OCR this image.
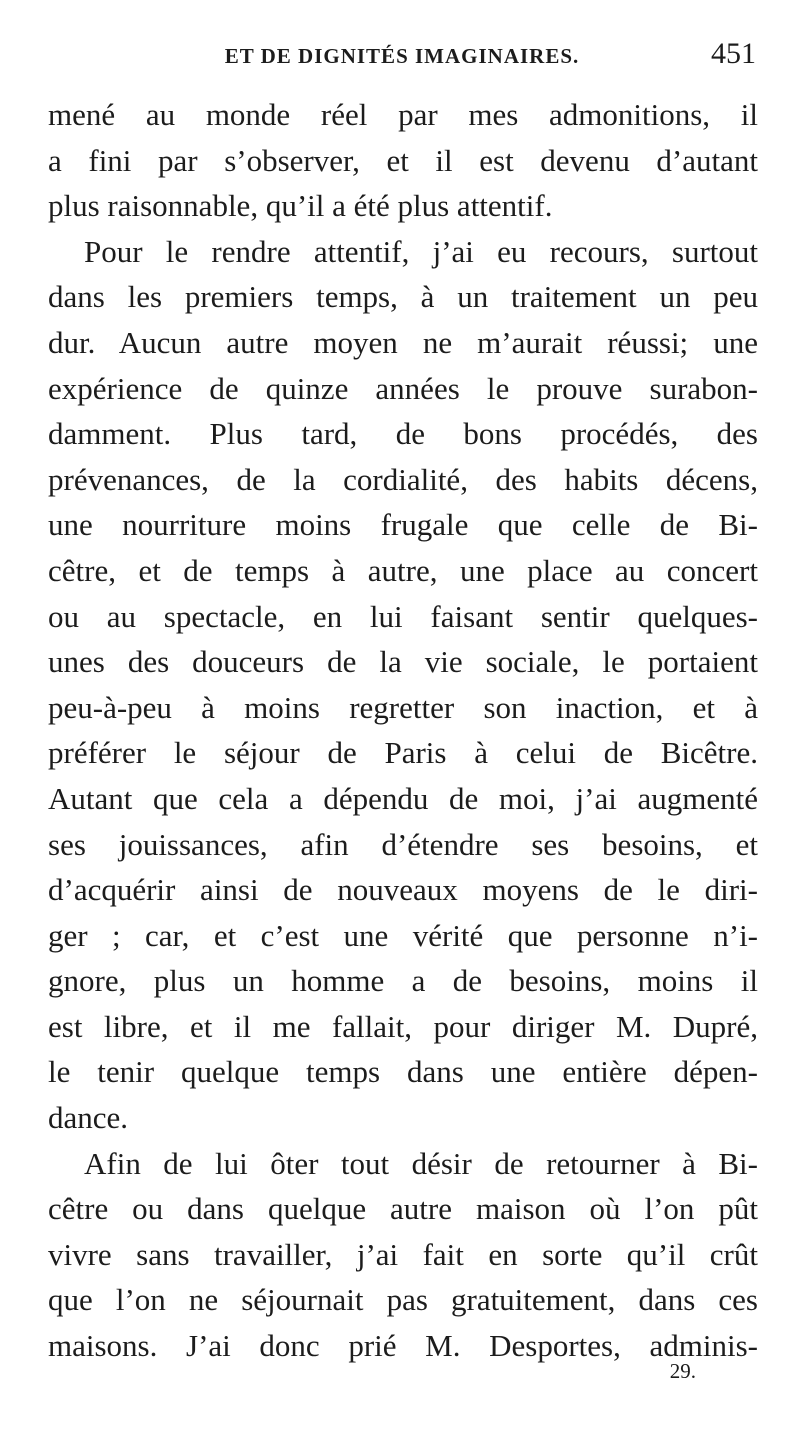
ET DE DIGNITÉS IMAGINAIRES.	451
mené au monde réel par mes admonitions, il
a fini par s’observer, et il est devenu d’autant
plus raisonnable, qu’il a été plus attentif.
Pour le rendre attentif, j’ai eu recours, surtout
dans les premiers temps, à un traitement un peu
dur. Aucun autre moyen ne m’aurait réussi; une
expérience de quinze années le prouve surabon-
damment. Plus tard, de bons procédés, des
prévenances, de la cordialité, des habits décens,
une nourriture moins frugale que celle de Bi-
cêtre, et de temps à autre, une place au concert
ou au spectacle, en lui faisant sentir quelques-
unes des douceurs de la vie sociale, le portaient
peu-à-peu à moins regretter son inaction, et à
préférer le séjour de Paris à celui de Bicêtre.
Autant que cela a dépendu de moi, j’ai augmenté
ses jouissances, afin d’étendre ses besoins, et
d’acquérir ainsi de nouveaux moyens de le diri-
ger ; car, et c’est une vérité que personne n’i-
gnore, plus un homme a de besoins, moins il
est libre, et il me fallait, pour diriger M. Dupré,
le tenir quelque temps dans une entière dépen-
dance.
Afin de lui ôter tout désir de retourner à Bi-
cêtre ou dans quelque autre maison où l’on pût
vivre sans travailler, j’ai fait en sorte qu’il crût
que l’on ne séjournait pas gratuitement, dans ces
maisons. J’ai donc prié M. Desportes, adminis-
29.
